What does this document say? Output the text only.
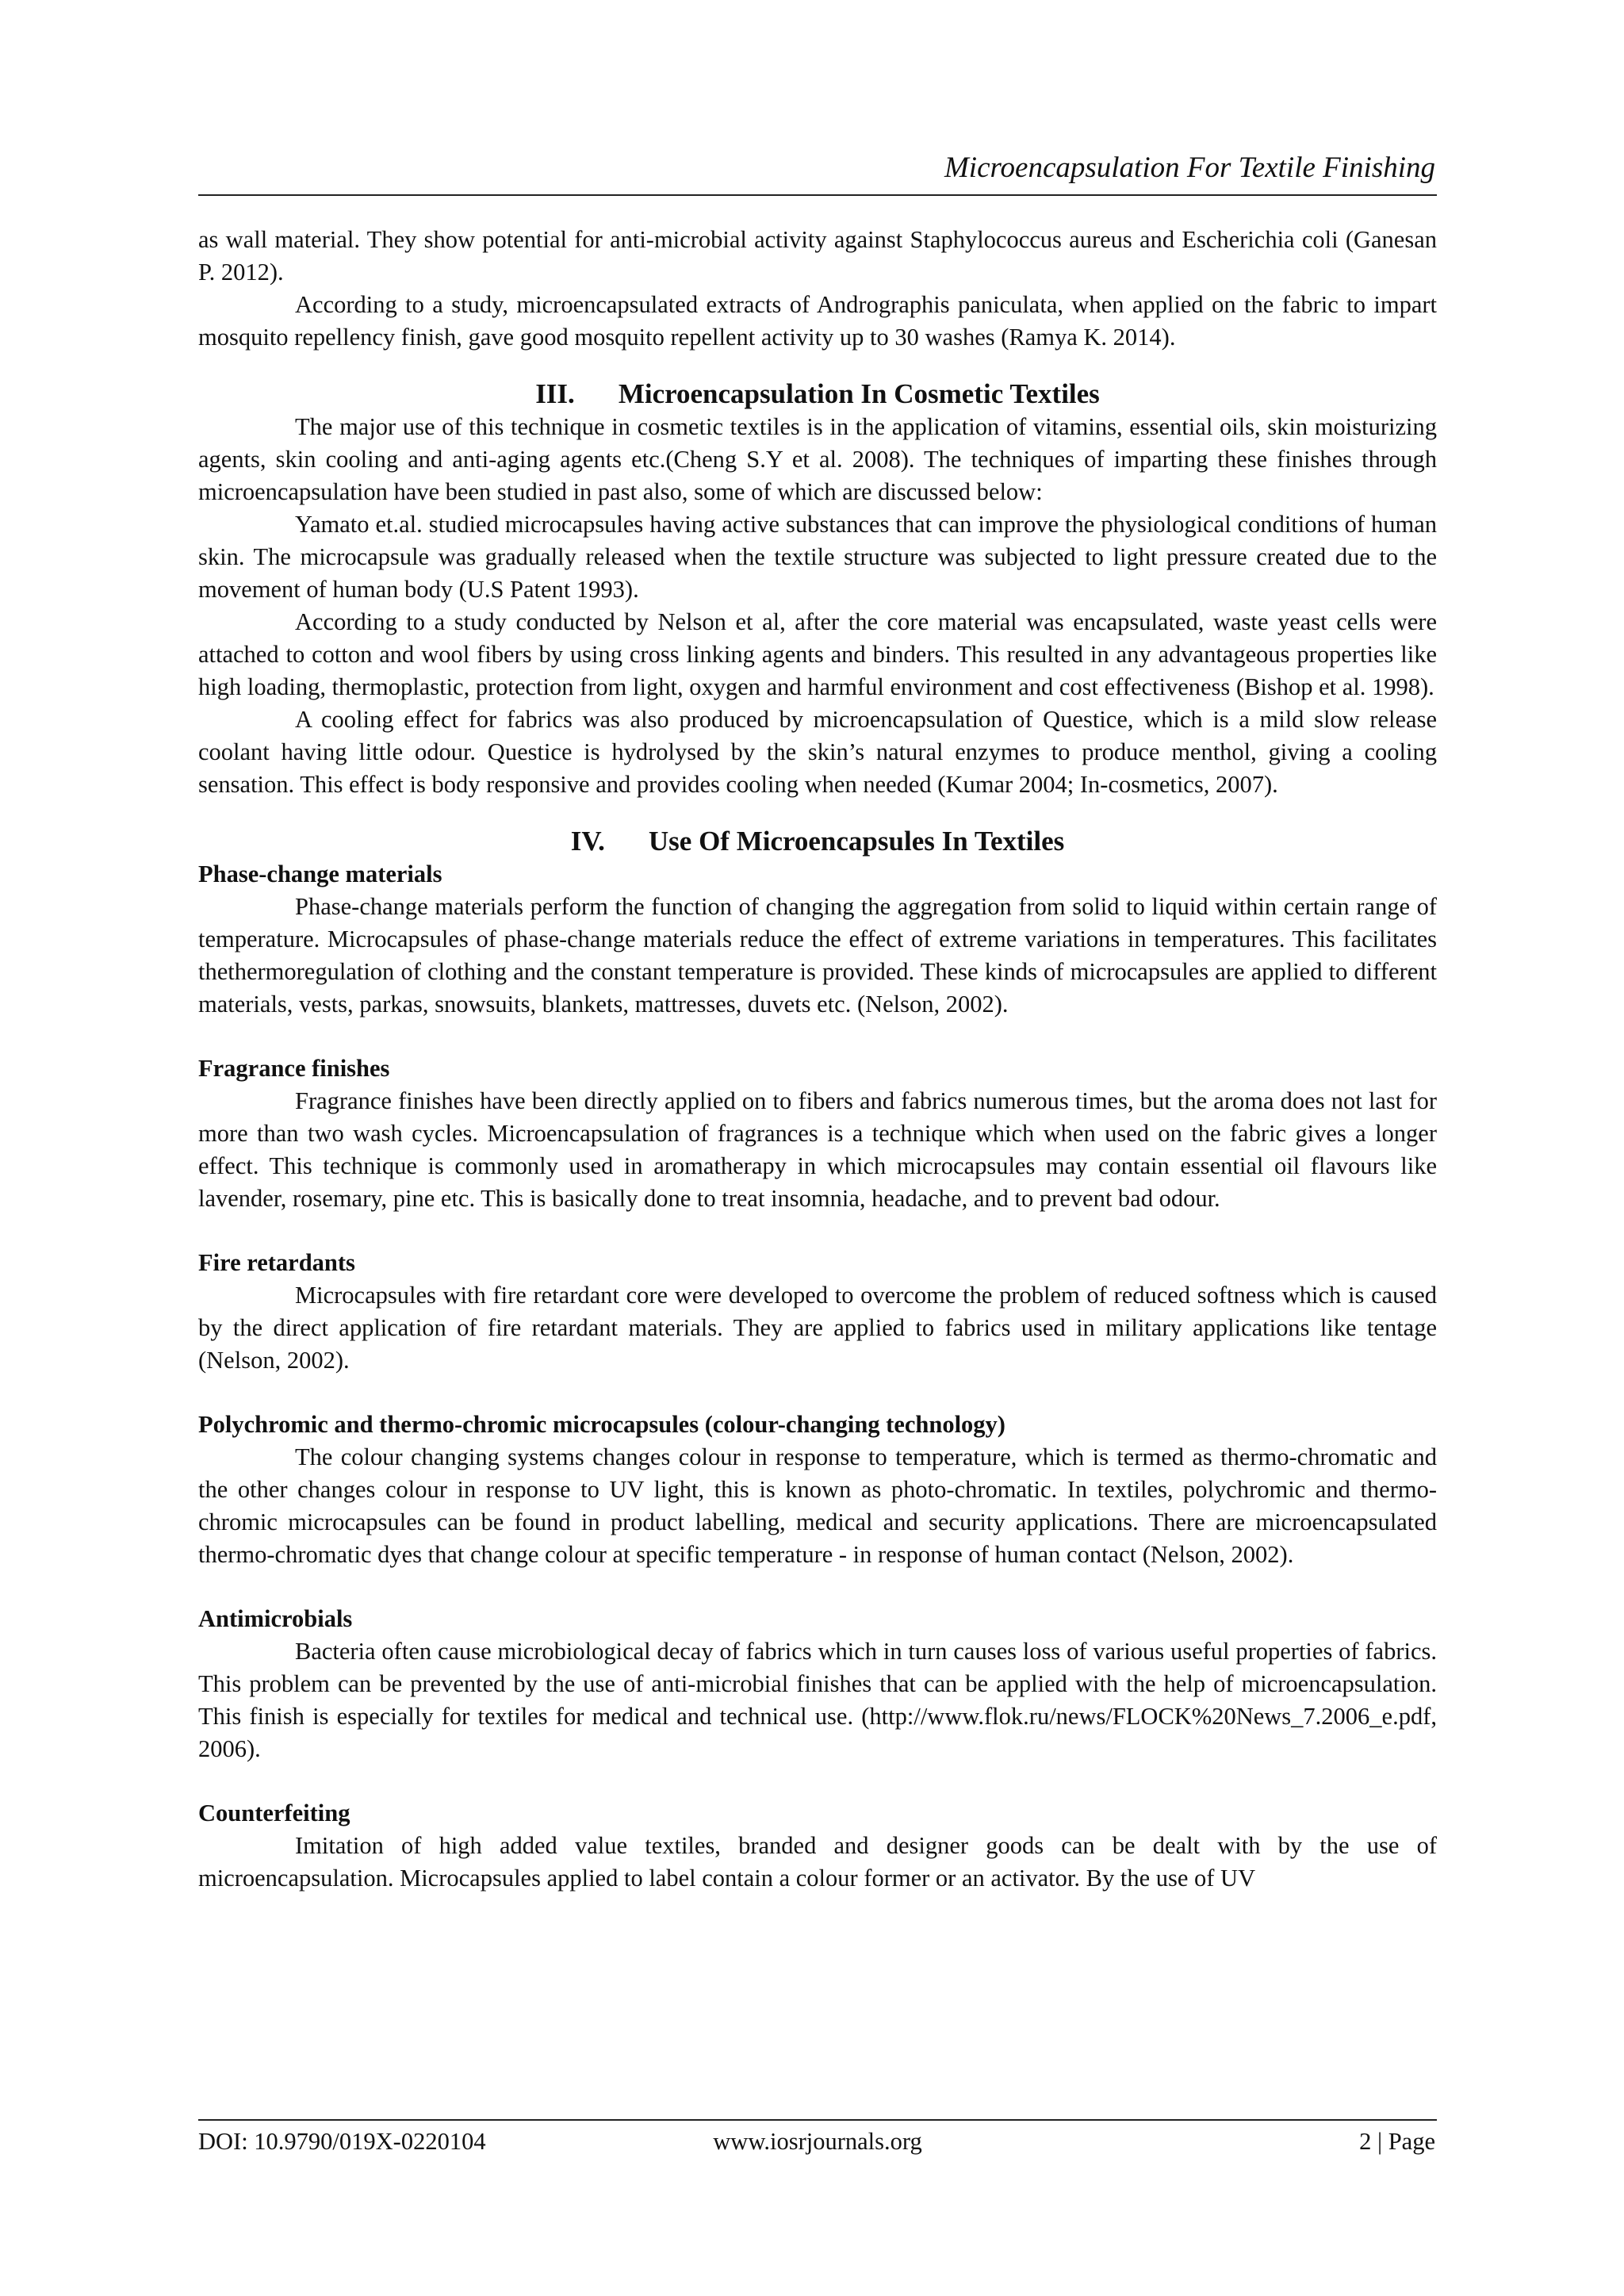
Microencapsulation For Textile Finishing

as wall material. They show potential for anti-microbial activity against Staphylococcus aureus and Escherichia coli (Ganesan P. 2012).

According to a study, microencapsulated extracts of Andrographis paniculata, when applied on the fabric to impart mosquito repellency finish, gave good mosquito repellent activity up to 30 washes (Ramya K. 2014).

III. Microencapsulation In Cosmetic Textiles

The major use of this technique in cosmetic textiles is in the application of vitamins, essential oils, skin moisturizing agents, skin cooling and anti-aging agents etc.(Cheng S.Y et al. 2008). The techniques of imparting these finishes through microencapsulation have been studied in past also, some of which are discussed below:

Yamato et.al. studied microcapsules having active substances that can improve the physiological conditions of human skin. The microcapsule was gradually released when the textile structure was subjected to light pressure created due to the movement of human body (U.S Patent 1993).

According to a study conducted by Nelson et al, after the core material was encapsulated, waste yeast cells were attached to cotton and wool fibers by using cross linking agents and binders. This resulted in any advantageous properties like high loading, thermoplastic, protection from light, oxygen and harmful environment and cost effectiveness (Bishop et al. 1998).

A cooling effect for fabrics was also produced by microencapsulation of Questice, which is a mild slow release coolant having little odour. Questice is hydrolysed by the skin’s natural enzymes to produce menthol, giving a cooling sensation. This effect is body responsive and provides cooling when needed (Kumar 2004; In-cosmetics, 2007).

IV. Use Of Microencapsules In Textiles
Phase-change materials

Phase-change materials perform the function of changing the aggregation from solid to liquid within certain range of temperature. Microcapsules of phase-change materials reduce the effect of extreme variations in temperatures. This facilitates thethermoregulation of clothing and the constant temperature is provided. These kinds of microcapsules are applied to different materials, vests, parkas, snowsuits, blankets, mattresses, duvets etc. (Nelson, 2002).

Fragrance finishes

Fragrance finishes have been directly applied on to fibers and fabrics numerous times, but the aroma does not last for more than two wash cycles. Microencapsulation of fragrances is a technique which when used on the fabric gives a longer effect. This technique is commonly used in aromatherapy in which microcapsules may contain essential oil flavours like lavender, rosemary, pine etc. This is basically done to treat insomnia, headache, and to prevent bad odour.

Fire retardants

Microcapsules with fire retardant core were developed to overcome the problem of reduced softness which is caused by the direct application of fire retardant materials. They are applied to fabrics used in military applications like tentage (Nelson, 2002).

Polychromic and thermo-chromic microcapsules (colour-changing technology)

The colour changing systems changes colour in response to temperature, which is termed as thermo-chromatic and the other changes colour in response to UV light, this is known as photo-chromatic. In textiles, polychromic and thermo-chromic microcapsules can be found in product labelling, medical and security applications. There are microencapsulated thermo-chromatic dyes that change colour at specific temperature - in response of human contact (Nelson, 2002).

Antimicrobials

Bacteria often cause microbiological decay of fabrics which in turn causes loss of various useful properties of fabrics. This problem can be prevented by the use of anti-microbial finishes that can be applied with the help of microencapsulation. This finish is especially for textiles for medical and technical use. (http://www.flok.ru/news/FLOCK%20News_7.2006_e.pdf, 2006).

Counterfeiting

Imitation of high added value textiles, branded and designer goods can be dealt with by the use of microencapsulation. Microcapsules applied to label contain a colour former or an activator. By the use of UV

DOI: 10.9790/019X-0220104	www.iosrjournals.org	2 | Page
